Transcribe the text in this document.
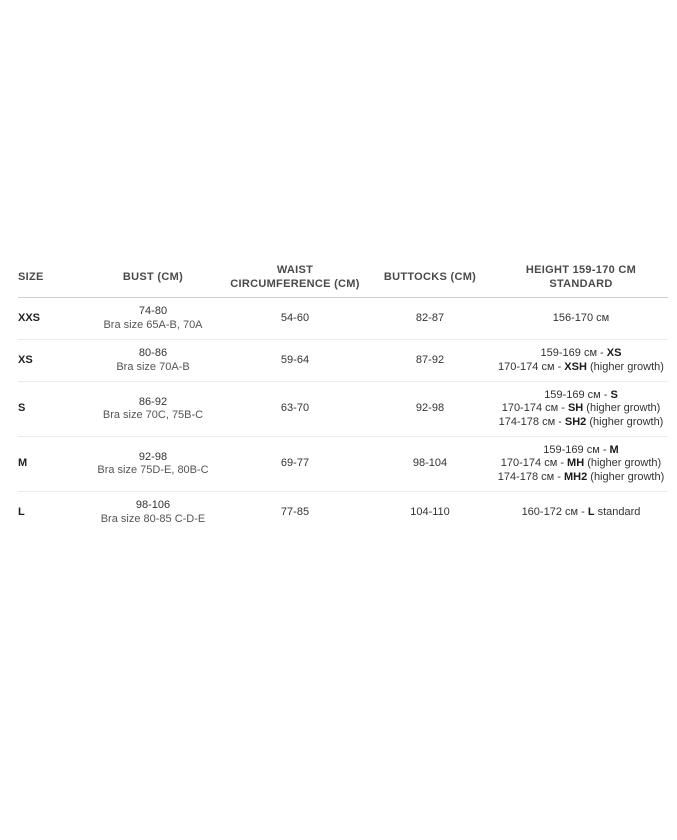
SIZE	BUST (CM)	WAIST
CIRCUMFERENCE (CM)	BUTTOCKS (CM)	HEIGHT 159-170 CM
STANDARD

XXS	74-80
Bra size 65A-B, 70A	54-60	82-87	156-170 см

XS	80-86
Bra size 70A-B	59-64	87-92	159-169 см - XS
170-174 см - XSH (higher growth)

S	86-92
Bra size 70C, 75B-C	63-70	92-98	159-169 см - S
170-174 см - SH (higher growth)
174-178 см - SH2 (higher growth)

M	92-98
Bra size 75D-E, 80B-C	69-77	98-104	159-169 см - M
170-174 см - MH (higher growth)
174-178 см - MH2 (higher growth)

L	98-106
Bra size 80-85 C-D-E	77-85	104-110	160-172 см - L standard
